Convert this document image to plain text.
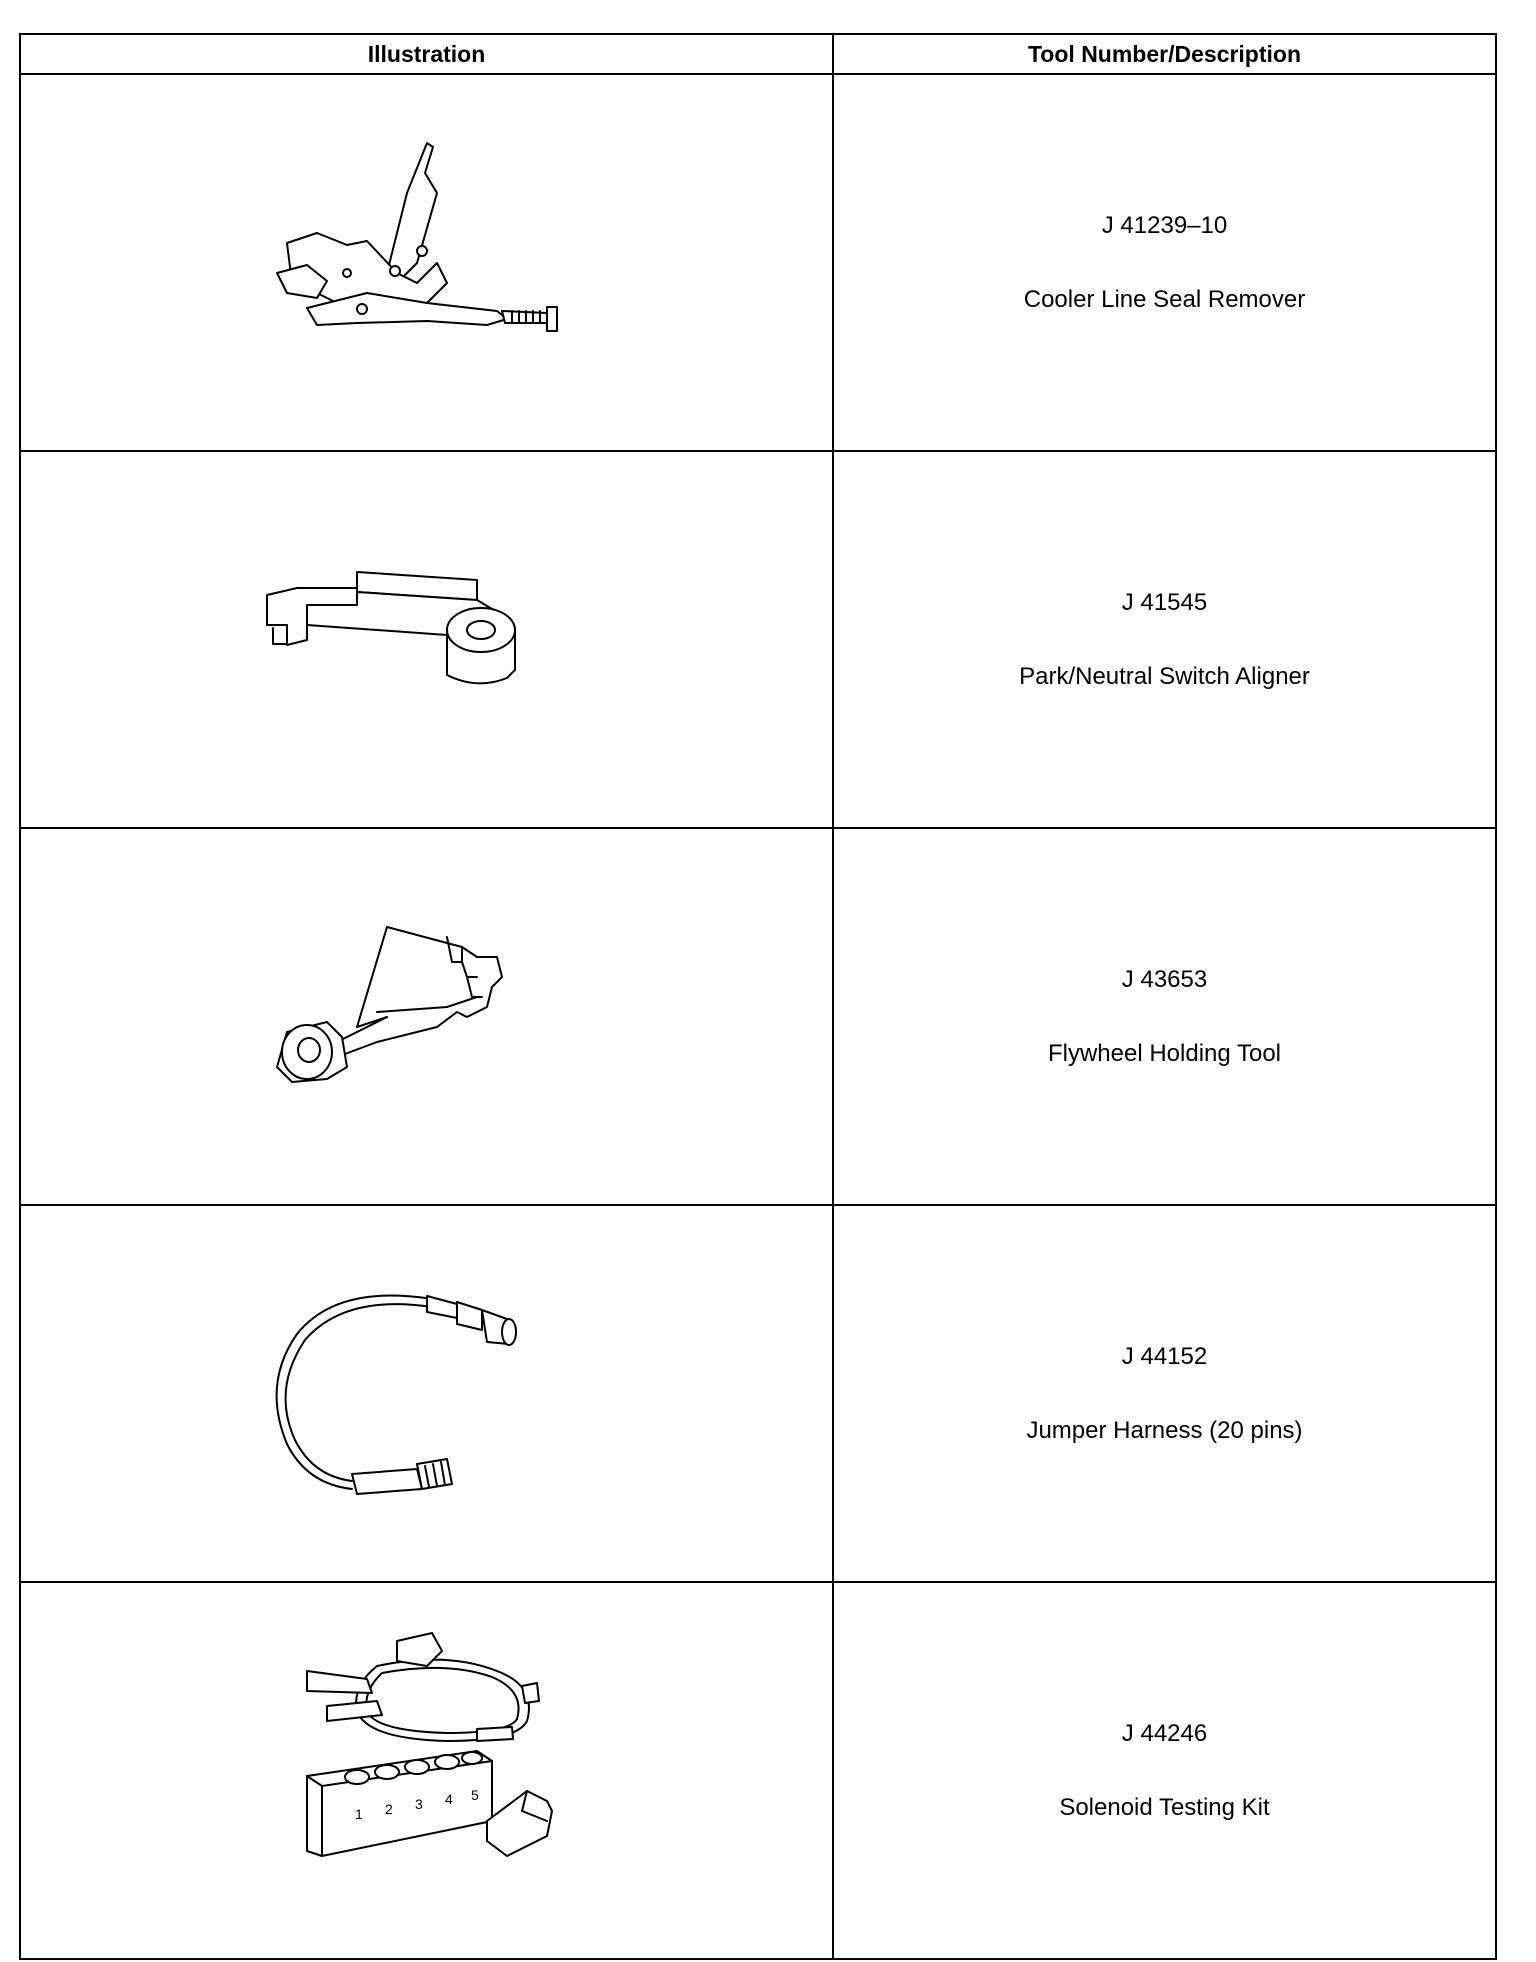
Illustration	Tool Number/Description

J 41239–10
Cooler Line Seal Remover

J 41545
Park/Neutral Switch Aligner

J 43653
Flywheel Holding Tool

J 44152
Jumper Harness (20 pins)

1 2 3 4 5	J 44246
Solenoid Testing Kit
